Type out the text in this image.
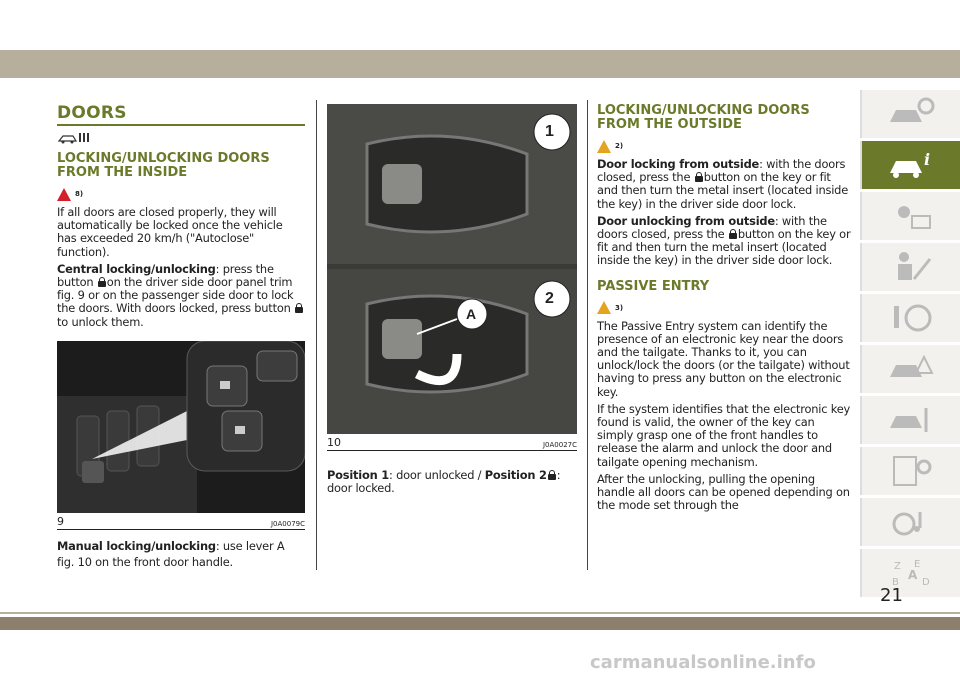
DOORS
LOCKING/UNLOCKING DOORS FROM THE INSIDE
8)

If all doors are closed properly, they will automatically be locked once the vehicle has exceeded 20 km/h ("Autoclose" function).

Central locking/unlocking: press the button on the driver side door panel trim fig. 9 or on the passenger side door to lock the doors. With doors locked, press button to unlock them.

9	J0A0079C

Manual locking/unlocking: use lever A

fig. 10 on the front door handle.

1
2
A
10	J0A0027C

Position 1: door unlocked / Position 2 : door locked.

LOCKING/UNLOCKING DOORS FROM THE OUTSIDE
2)

Door locking from outside: with the doors closed, press the button on the key or fit and then turn the metal insert (located inside the key) in the driver side door lock.

Door unlocking from outside: with the doors closed, press the button on the key or fit and then turn the metal insert (located inside the key) in the driver side door lock.

PASSIVE ENTRY
3)

The Passive Entry system can identify the presence of an electronic key near the doors and the tailgate. Thanks to it, you can unlock/lock the doors (or the tailgate) without having to press any button on the electronic key.

If the system identifies that the electronic key found is valid, the owner of the key can simply grasp one of the front handles to release the alarm and unlock the door and tailgate opening mechanism.

After the unlocking, pulling the opening handle all doors can be opened depending on the mode set through the

i
Z E
A
B D
21
carmanualsonline.info
